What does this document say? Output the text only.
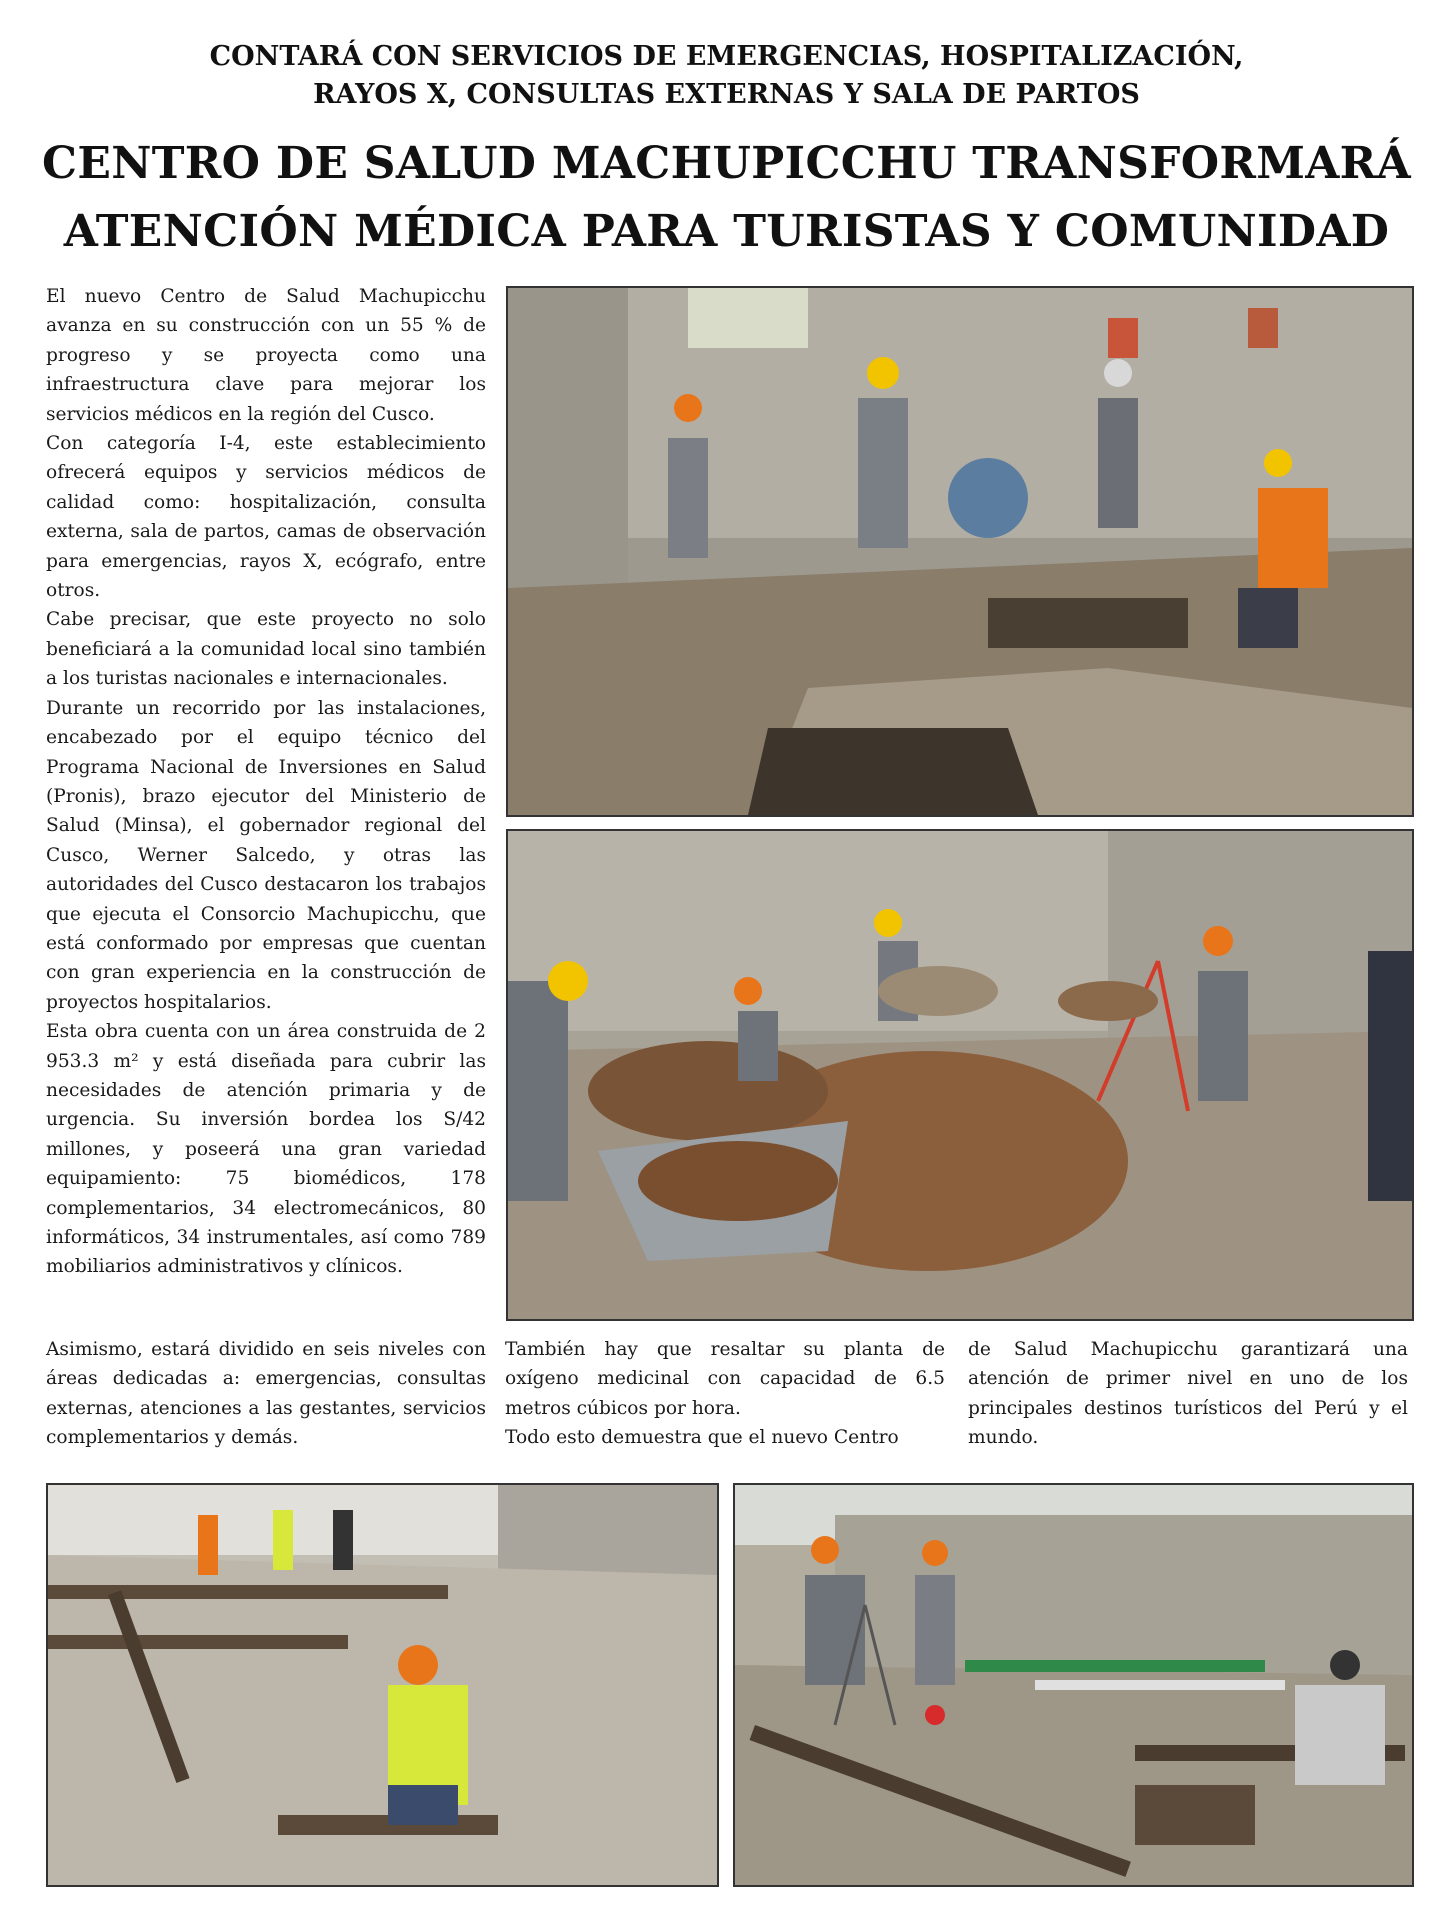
CONTARÁ CON SERVICIOS DE EMERGENCIAS, HOSPITALIZACIÓN,
RAYOS X, CONSULTAS EXTERNAS Y SALA DE PARTOS
CENTRO DE SALUD MACHUPICCHU TRANSFORMARÁ
ATENCIÓN MÉDICA PARA TURISTAS Y COMUNIDAD

El nuevo Centro de Salud Machupicchu avanza en su construcción con un 55 % de progreso y se proyecta como una infraestructura clave para mejorar los servicios médicos en la región del Cusco.

Con categoría I-4, este establecimiento ofrecerá equipos y servicios médicos de calidad como: hospitalización, consulta externa, sala de partos, camas de observación para emergencias, rayos X, ecógrafo, entre otros.

Cabe precisar, que este proyecto no solo beneficiará a la comunidad local sino también a los turistas nacionales e internacionales.

Durante un recorrido por las instalaciones, encabezado por el equipo técnico del Programa Nacional de Inversiones en Salud (Pronis), brazo ejecutor del Ministerio de Salud (Minsa), el gobernador regional del Cusco, Werner Salcedo, y otras las autoridades del Cusco destacaron los trabajos que ejecuta el Consorcio Machupicchu, que está conformado por empresas que cuentan con gran experiencia en la construcción de proyectos hospitalarios.

Esta obra cuenta con un área construida de 2 953.3 m² y está diseñada para cubrir las necesidades de atención primaria y de urgencia. Su inversión bordea los S/42 millones, y poseerá una gran variedad equipamiento: 75 biomédicos, 178 complementarios, 34 electromecánicos, 80 informáticos, 34 instrumentales, así como 789 mobiliarios administrativos y clínicos.

Asimismo, estará dividido en seis niveles con áreas dedicadas a: emergencias, consultas externas, atenciones a las gestantes, servicios complementarios y demás.

También hay que resaltar su planta de oxígeno medicinal con capacidad de 6.5 metros cúbicos por hora.

Todo esto demuestra que el nuevo Centro

de Salud Machupicchu garantizará una atención de primer nivel en uno de los principales destinos turísticos del Perú y el mundo.
